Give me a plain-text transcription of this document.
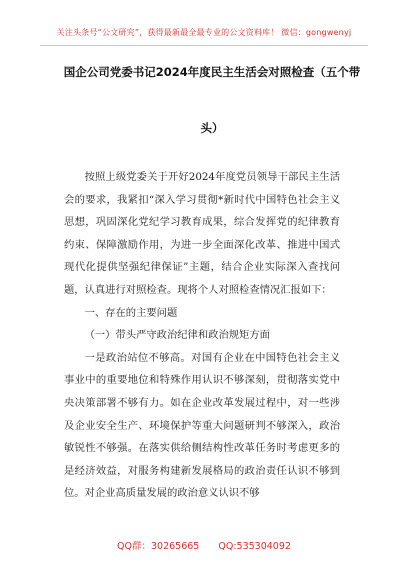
关注头条号“公文研究”，获得最新最全最专业的公文资料库！ 微信：gongwenyj
国企公司党委书记2024年度民主生活会对照检查（五个带
头）

按照上级党委关于开好2024年度党员领导干部民主生活会的要求，我紧扣“深入学习贯彻*新时代中国特色社会主义思想，巩固深化党纪学习教育成果，综合发挥党的纪律教育约束、保障激励作用，为进一步全面深化改革、推进中国式现代化提供坚强纪律保证”主题，结合企业实际深入查找问题，认真进行对照检查。现将个人对照检查情况汇报如下：

一、存在的主要问题

（一）带头严守政治纪律和政治规矩方面

一是政治站位不够高。对国有企业在中国特色社会主义事业中的重要地位和特殊作用认识不够深刻，贯彻落实党中央决策部署不够有力。如在企业改革发展过程中，对一些涉及企业安全生产、环境保护等重大问题研判不够深入，政治敏锐性不够强。在落实供给侧结构性改革任务时考虑更多的是经济效益，对服务构建新发展格局的政治责任认识不够到位。对企业高质量发展的政治意义认识不够

QQ群：30265665 QQ:535304092
